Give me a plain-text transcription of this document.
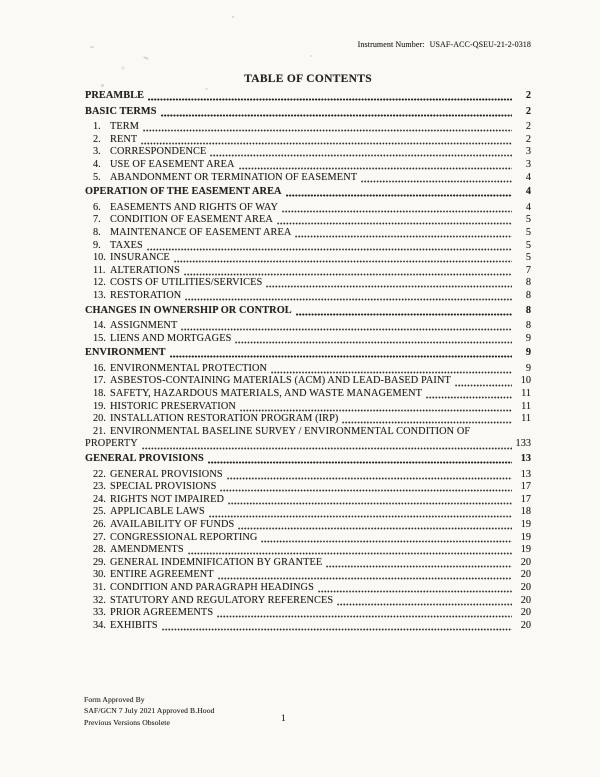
Instrument Number: USAF-ACC-QSEU-21-2-0318
TABLE OF CONTENTS
PREAMBLE	2
BASIC TERMS	2
1. TERM	2
2. RENT	2
3. CORRESPONDENCE	3
4. USE OF EASEMENT AREA	3
5. ABANDONMENT OR TERMINATION OF EASEMENT	4
OPERATION OF THE EASEMENT AREA	4
6. EASEMENTS AND RIGHTS OF WAY	4
7. CONDITION OF EASEMENT AREA	5
8. MAINTENANCE OF EASEMENT AREA	5
9. TAXES	5
10. INSURANCE	5
11. ALTERATIONS	7
12. COSTS OF UTILITIES/SERVICES	8
13. RESTORATION	8
CHANGES IN OWNERSHIP OR CONTROL	8
14. ASSIGNMENT	8
15. LIENS AND MORTGAGES	9
ENVIRONMENT	9
16. ENVIRONMENTAL PROTECTION	9
17. ASBESTOS-CONTAINING MATERIALS (ACM) AND LEAD-BASED PAINT	10
18. SAFETY, HAZARDOUS MATERIALS, AND WASTE MANAGEMENT	11
19. HISTORIC PRESERVATION	11
20. INSTALLATION RESTORATION PROGRAM (IRP)	11
21. ENVIRONMENTAL BASELINE SURVEY / ENVIRONMENTAL CONDITION OF
PROPERTY	133
GENERAL PROVISIONS	13
22. GENERAL PROVISIONS	13
23. SPECIAL PROVISIONS	17
24. RIGHTS NOT IMPAIRED	17
25. APPLICABLE LAWS	18
26. AVAILABILITY OF FUNDS	19
27. CONGRESSIONAL REPORTING	19
28. AMENDMENTS	19
29. GENERAL INDEMNIFICATION BY GRANTEE	20
30. ENTIRE AGREEMENT	20
31. CONDITION AND PARAGRAPH HEADINGS	20
32. STATUTORY AND REGULATORY REFERENCES	20
33. PRIOR AGREEMENTS	20
34. EXHIBITS	20
Form Approved By
SAF/GCN 7 July 2021 Approved B.Hood
Previous Versions Obsolete	1
